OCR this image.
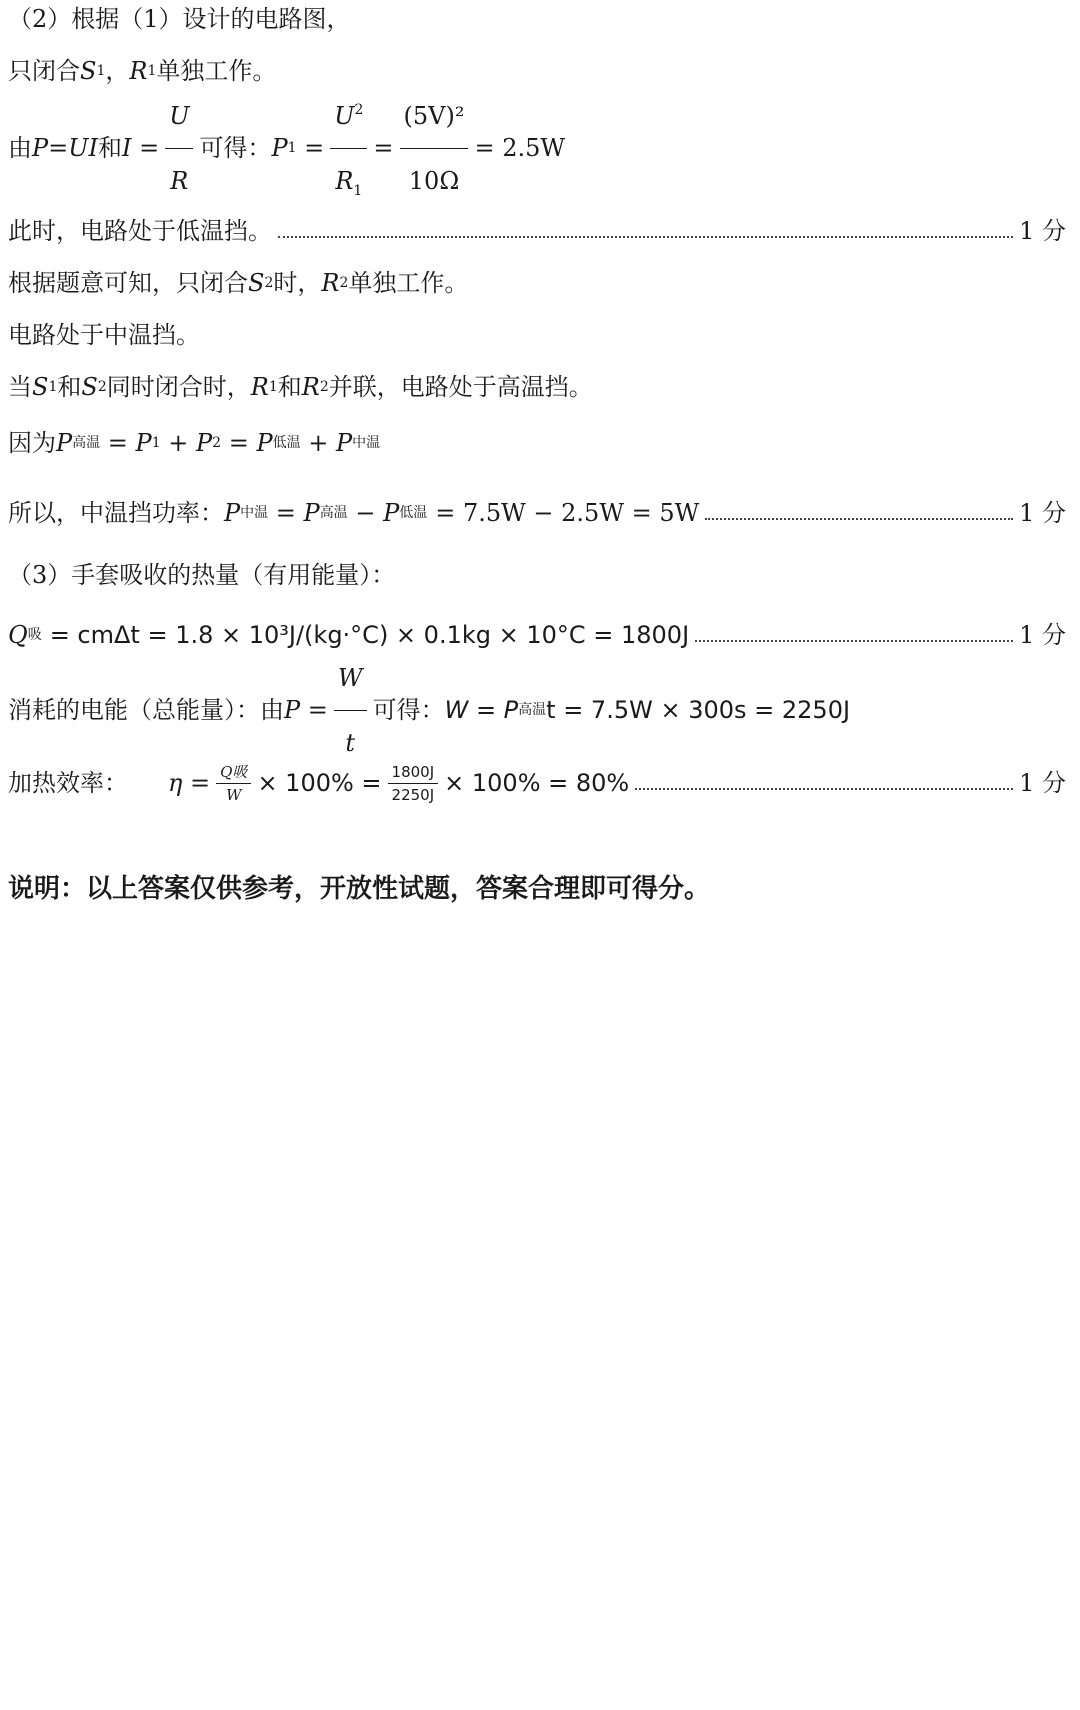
（2）根据（1）设计的电路图，
只闭合 S 1 ， R 1 单独工作。
由 P=UI 和 $I = \frac{U}{R}$ 可得： P $1 = \frac{U^2}{R_1} = \frac{\text{(5V)²}}{10\Omega} = 2.5W$
此时，电路处于低温挡。	1 分
根据题意可知，只闭合 S 2 时， R 2 单独工作。
电路处于中温挡。
当 S 1 和 S 2 同时闭合时， R 1 和 R 2 并联，电路处于高温挡。
因为 P 高温 = P 1 + P 2 = P 低温 + P 中温
所以，中温挡功率： P 中温 = P 高温 − P 低温 = 7.5W − 2.5W = 5W	1 分
（3）手套吸收的热量（有用能量）：
Q 吸 = cmΔt = 1.8 × 10³J/(kg·°C) × 0.1kg × 10°C = 1800J	1 分
消耗的电能（总能量）：由 $P = \frac{W}{t}$ 可得： W = P 高温 t = 7.5W × 300s = 2250J
加热效率： $\eta = \frac{\text{Q吸}}{W} \times 100\% = \frac{1800J}{2250J} \times 100\% = 80\%$	1 分
说明：以上答案仅供参考，开放性试题，答案合理即可得分。
